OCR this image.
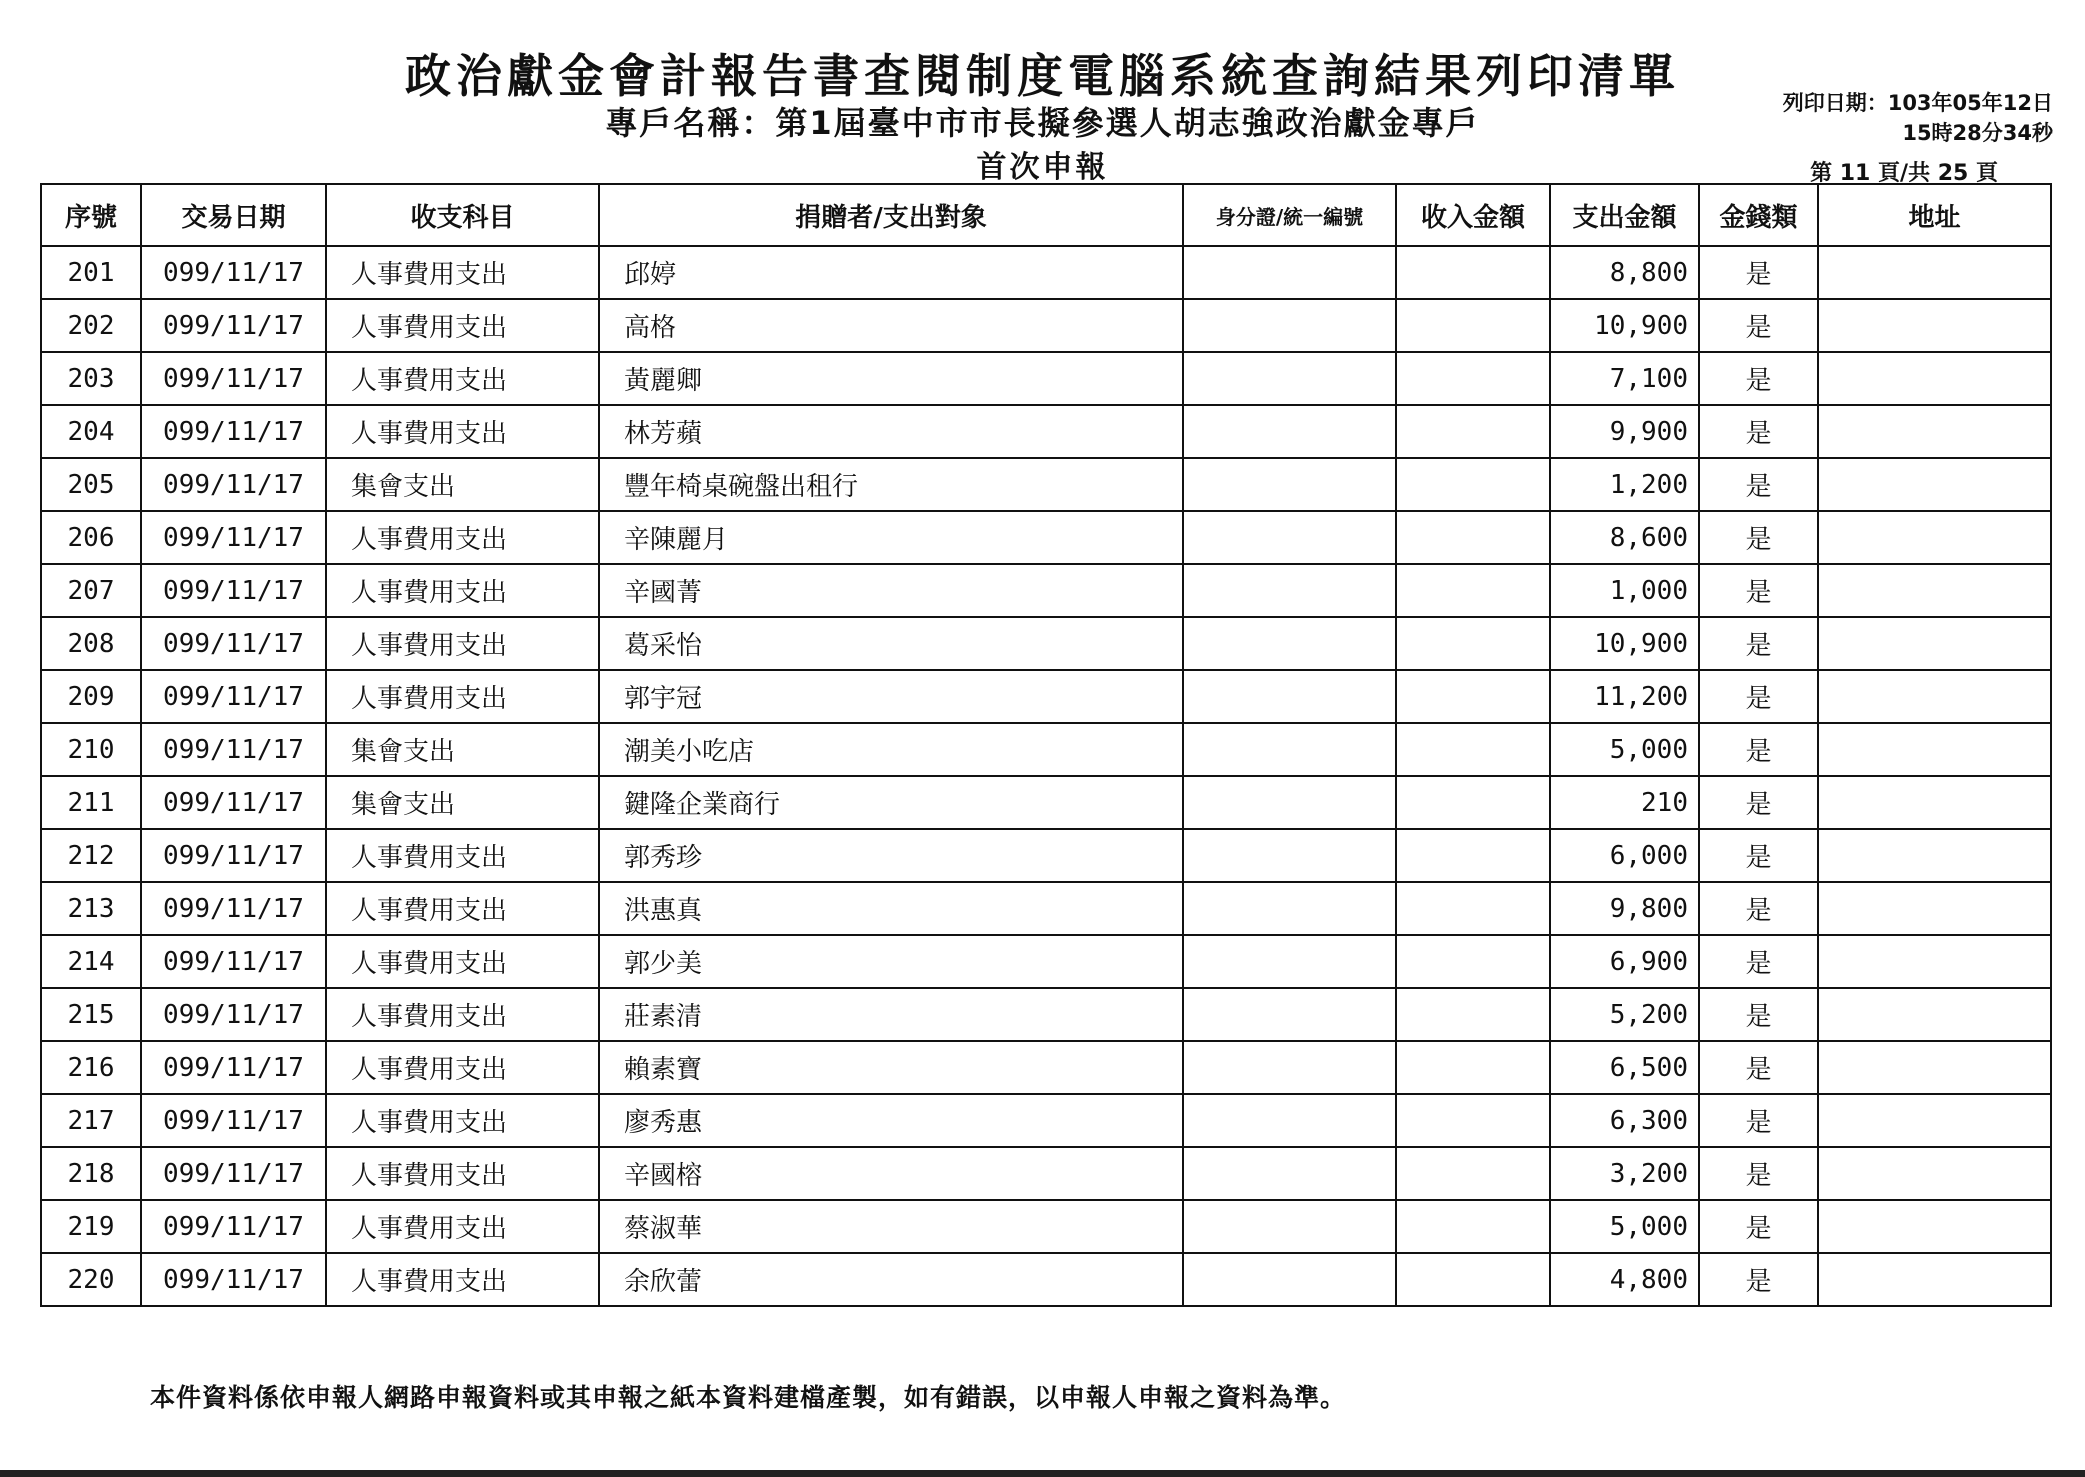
政治獻金會計報告書查閱制度電腦系統查詢結果列印清單
專戶名稱：第1屆臺中市市長擬參選人胡志強政治獻金專戶
列印日期：103年05年12日
15時28分34秒
首次申報	第 11 頁/共 25 頁
序號	交易日期	收支科目	捐贈者/支出對象	身分證/統一編號	收入金額	支出金額	金錢類	地址
201	099/11/17	人事費用支出	邱婷			8,800	是	
202	099/11/17	人事費用支出	高格			10,900	是	
203	099/11/17	人事費用支出	黃麗卿			7,100	是	
204	099/11/17	人事費用支出	林芳蘋			9,900	是	
205	099/11/17	集會支出	豐年椅桌碗盤出租行			1,200	是	
206	099/11/17	人事費用支出	辛陳麗月			8,600	是	
207	099/11/17	人事費用支出	辛國菁			1,000	是	
208	099/11/17	人事費用支出	葛采怡			10,900	是	
209	099/11/17	人事費用支出	郭宇冠			11,200	是	
210	099/11/17	集會支出	潮美小吃店			5,000	是	
211	099/11/17	集會支出	鍵隆企業商行			210	是	
212	099/11/17	人事費用支出	郭秀珍			6,000	是	
213	099/11/17	人事費用支出	洪惠真			9,800	是	
214	099/11/17	人事費用支出	郭少美			6,900	是	
215	099/11/17	人事費用支出	莊素清			5,200	是	
216	099/11/17	人事費用支出	賴素寶			6,500	是	
217	099/11/17	人事費用支出	廖秀惠			6,300	是	
218	099/11/17	人事費用支出	辛國榕			3,200	是	
219	099/11/17	人事費用支出	蔡淑華			5,000	是	
220	099/11/17	人事費用支出	余欣蕾			4,800	是	
本件資料係依申報人網路申報資料或其申報之紙本資料建檔產製，如有錯誤，以申報人申報之資料為準。
